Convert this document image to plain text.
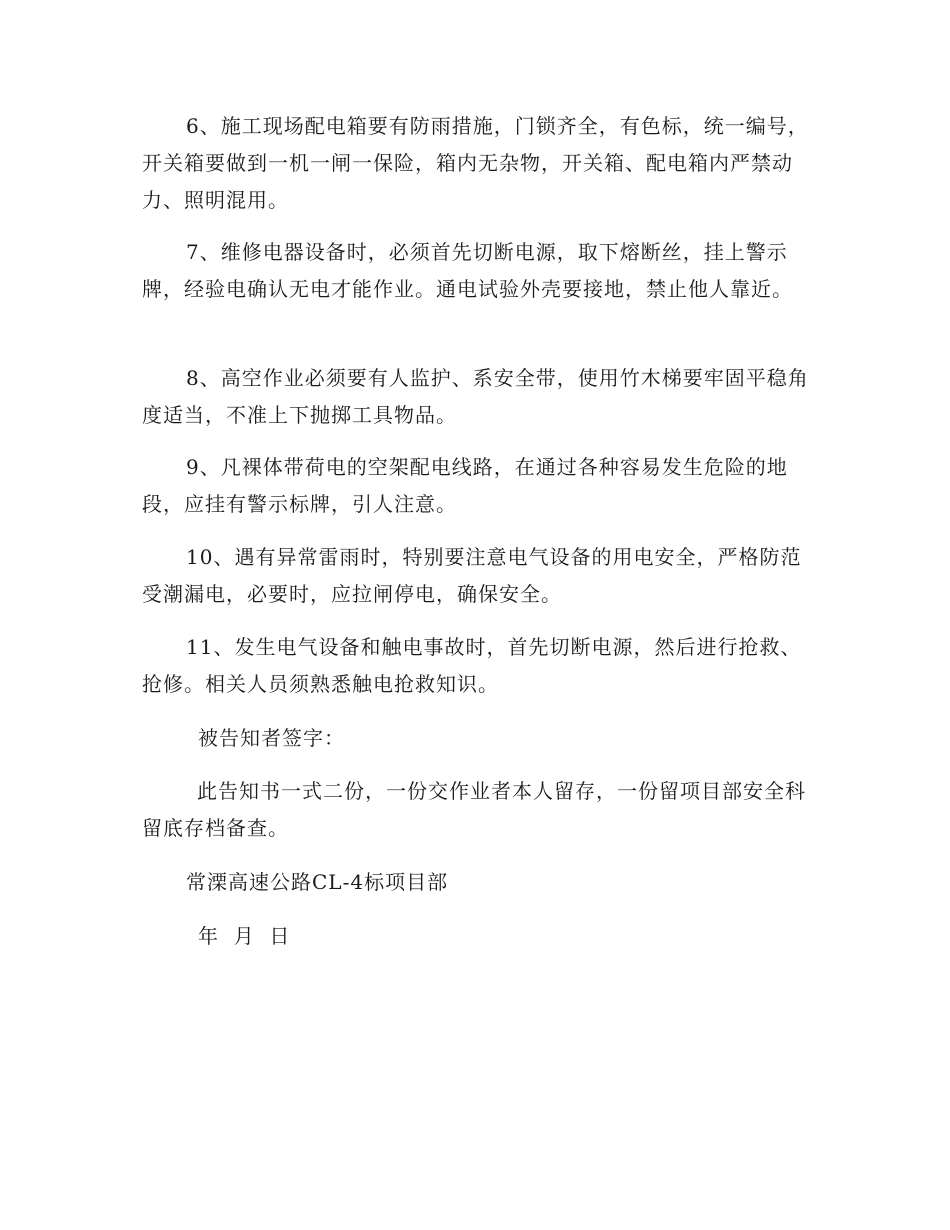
6、施工现场配电箱要有防雨措施，门锁齐全，有色标，统一编号，开关箱要做到一机一闸一保险，箱内无杂物，开关箱、配电箱内严禁动力、照明混用。

7、维修电器设备时，必须首先切断电源，取下熔断丝，挂上警示牌，经验电确认无电才能作业。通电试验外壳要接地，禁止他人靠近。

8、高空作业必须要有人监护、系安全带，使用竹木梯要牢固平稳角度适当，不准上下抛掷工具物品。

9、凡裸体带荷电的空架配电线路，在通过各种容易发生危险的地段，应挂有警示标牌，引人注意。

10、遇有异常雷雨时，特别要注意电气设备的用电安全，严格防范受潮漏电，必要时，应拉闸停电，确保安全。

11、发生电气设备和触电事故时，首先切断电源，然后进行抢救、抢修。相关人员须熟悉触电抢救知识。

被告知者签字：

此告知书一式二份，一份交作业者本人留存，一份留项目部安全科留底存档备查。

常溧高速公路CL-4标项目部

年  月  日
